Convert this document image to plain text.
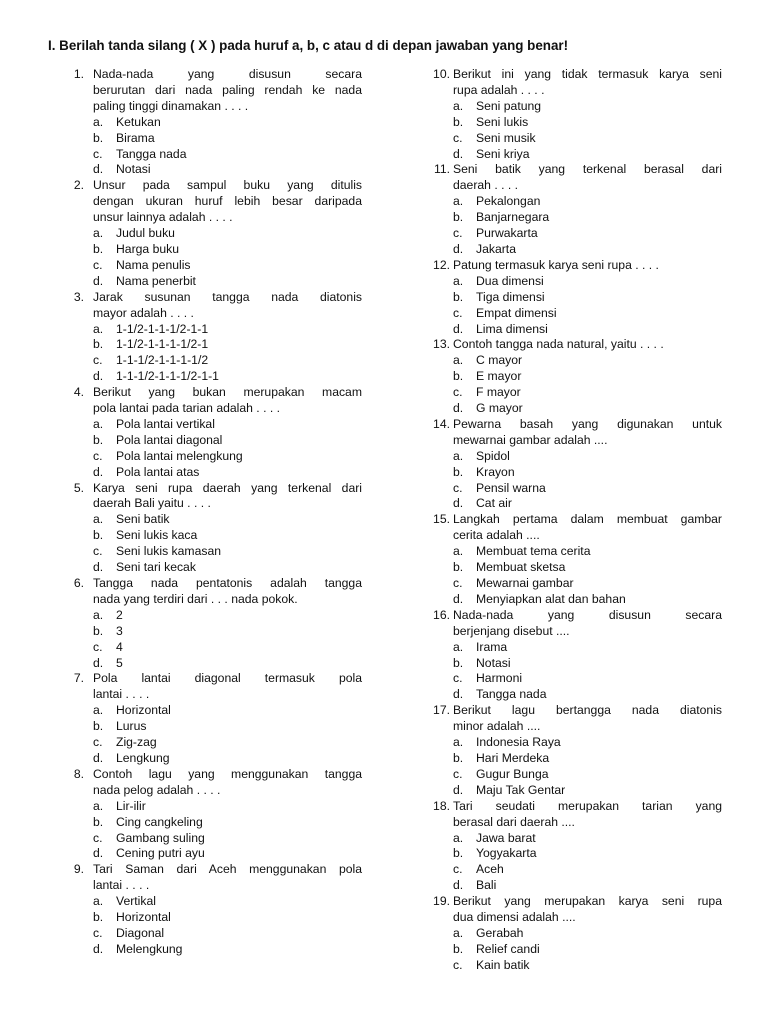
I. Berilah tanda silang ( X ) pada huruf a, b, c atau d di depan jawaban yang benar!
1. Nada-nada yang disusun secara
berurutan dari nada paling rendah ke nada
paling tinggi dinamakan . . . .
a.	Ketukan
b.	Birama
c.	Tangga nada
d.	Notasi
2. Unsur pada sampul buku yang ditulis
dengan ukuran huruf lebih besar daripada
unsur lainnya adalah . . . .
a.	Judul buku
b.	Harga buku
c.	Nama penulis
d.	Nama penerbit
3. Jarak susunan tangga nada diatonis
mayor adalah . . . .
a.	1-1/2-1-1-1/2-1-1
b.	1-1/2-1-1-1-1/2-1
c.	1-1-1/2-1-1-1-1/2
d.	1-1-1/2-1-1-1/2-1-1
4. Berikut yang bukan merupakan macam
pola lantai pada tarian adalah . . . .
a.	Pola lantai vertikal
b.	Pola lantai diagonal
c.	Pola lantai melengkung
d.	Pola lantai atas
5. Karya seni rupa daerah yang terkenal dari
daerah Bali yaitu . . . .
a.	Seni batik
b.	Seni lukis kaca
c.	Seni lukis kamasan
d.	Seni tari kecak
6. Tangga nada pentatonis adalah tangga
nada yang terdiri dari . . . nada pokok.
a.	2
b.	3
c.	4
d.	5
7. Pola lantai diagonal termasuk pola
lantai . . . .
a.	Horizontal
b.	Lurus
c.	Zig-zag
d.	Lengkung
8. Contoh lagu yang menggunakan tangga
nada pelog adalah . . . .
a.	Lir-ilir
b.	Cing cangkeling
c.	Gambang suling
d.	Cening putri ayu
9. Tari Saman dari Aceh menggunakan pola
lantai . . . .
a.	Vertikal
b.	Horizontal
c.	Diagonal
d.	Melengkung
10. Berikut ini yang tidak termasuk karya seni
rupa adalah . . . .
a.	Seni patung
b.	Seni lukis
c.	Seni musik
d.	Seni kriya
11. Seni batik yang terkenal berasal dari
daerah . . . .
a.	Pekalongan
b.	Banjarnegara
c.	Purwakarta
d.	Jakarta
12. Patung termasuk karya seni rupa . . . .
a.	Dua dimensi
b.	Tiga dimensi
c.	Empat dimensi
d.	Lima dimensi
13. Contoh tangga nada natural, yaitu . . . .
a.	C mayor
b.	E mayor
c.	F mayor
d.	G mayor
14. Pewarna basah yang digunakan untuk
mewarnai gambar adalah ....
a.	Spidol
b.	Krayon
c.	Pensil warna
d.	Cat air
15. Langkah pertama dalam membuat gambar
cerita adalah ....
a.	Membuat tema cerita
b.	Membuat sketsa
c.	Mewarnai gambar
d.	Menyiapkan alat dan bahan
16. Nada-nada yang disusun secara
berjenjang disebut ....
a.	Irama
b.	Notasi
c.	Harmoni
d.	Tangga nada
17. Berikut lagu bertangga nada diatonis
minor adalah ....
a.	Indonesia Raya
b.	Hari Merdeka
c.	Gugur Bunga
d.	Maju Tak Gentar
18. Tari seudati merupakan tarian yang
berasal dari daerah ....
a.	Jawa barat
b.	Yogyakarta
c.	Aceh
d.	Bali
19. Berikut yang merupakan karya seni rupa
dua dimensi adalah ....
a.	Gerabah
b.	Relief candi
c.	Kain batik
